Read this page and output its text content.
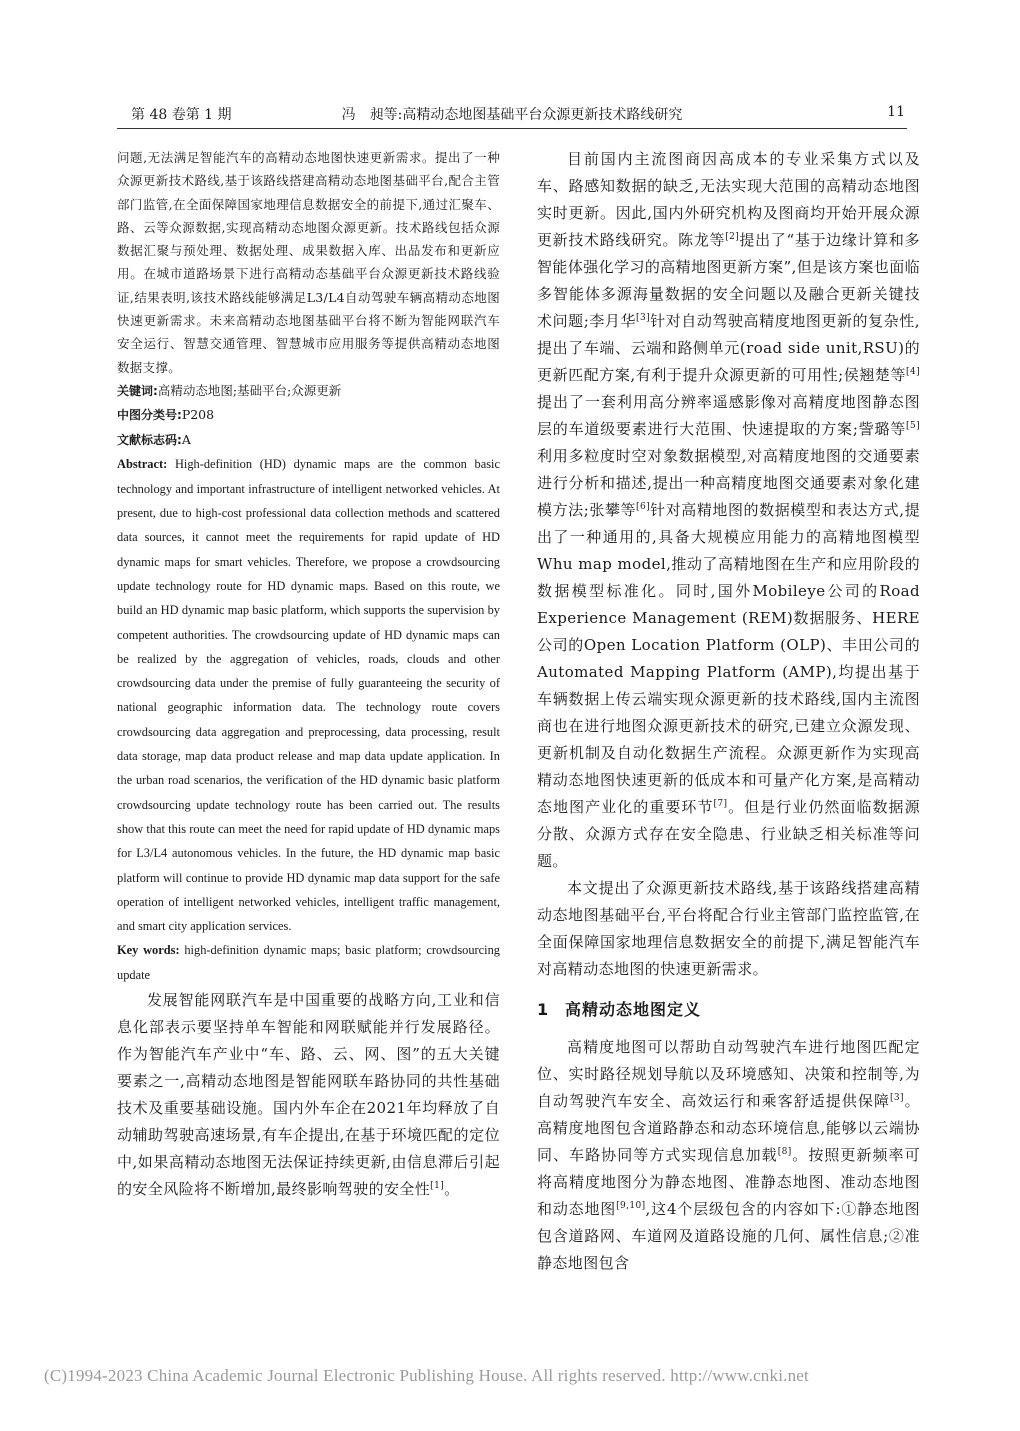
第 48 卷第 1 期	冯　昶等:高精动态地图基础平台众源更新技术路线研究	11

问题,无法满足智能汽车的高精动态地图快速更新需求。提出了一种众源更新技术路线,基于该路线搭建高精动态地图基础平台,配合主管部门监管,在全面保障国家地理信息数据安全的前提下,通过汇聚车、路、云等众源数据,实现高精动态地图众源更新。技术路线包括众源数据汇聚与预处理、数据处理、成果数据入库、出品发布和更新应用。在城市道路场景下进行高精动态基础平台众源更新技术路线验证,结果表明,该技术路线能够满足L3/L4自动驾驶车辆高精动态地图快速更新需求。未来高精动态地图基础平台将不断为智能网联汽车安全运行、智慧交通管理、智慧城市应用服务等提供高精动态地图数据支撑。

关键词:高精动态地图;基础平台;众源更新

中图分类号:P208

文献标志码:A

Abstract: High-definition (HD) dynamic maps are the common basic technology and important infrastructure of intelligent networked vehicles. At present, due to high-cost professional data collection methods and scattered data sources, it cannot meet the requirements for rapid update of HD dynamic maps for smart vehicles. Therefore, we propose a crowdsourcing update technology route for HD dynamic maps. Based on this route, we build an HD dynamic map basic platform, which supports the supervision by competent authorities. The crowdsourcing update of HD dynamic maps can be realized by the aggregation of vehicles, roads, clouds and other crowdsourcing data under the premise of fully guaranteeing the security of national geographic information data. The technology route covers crowdsourcing data aggregation and preprocessing, data processing, result data storage, map data product release and map data update application. In the urban road scenarios, the verification of the HD dynamic basic platform crowdsourcing update technology route has been carried out. The results show that this route can meet the need for rapid update of HD dynamic maps for L3/L4 autonomous vehicles. In the future, the HD dynamic map basic platform will continue to provide HD dynamic map data support for the safe operation of intelligent networked vehicles, intelligent traffic management, and smart city application services.

Key words: high-definition dynamic maps; basic platform; crowdsourcing update

发展智能网联汽车是中国重要的战略方向,工业和信息化部表示要坚持单车智能和网联赋能并行发展路径。作为智能汽车产业中“车、路、云、网、图”的五大关键要素之一,高精动态地图是智能网联车路协同的共性基础技术及重要基础设施。国内外车企在2021年均释放了自动辅助驾驶高速场景,有车企提出,在基于环境匹配的定位中,如果高精动态地图无法保证持续更新,由信息滞后引起的安全风险将不断增加,最终影响驾驶的安全性[1]。

目前国内主流图商因高成本的专业采集方式以及车、路感知数据的缺乏,无法实现大范围的高精动态地图实时更新。因此,国内外研究机构及图商均开始开展众源更新技术路线研究。陈龙等[2]提出了“基于边缘计算和多智能体强化学习的高精地图更新方案”,但是该方案也面临多智能体多源海量数据的安全问题以及融合更新关键技术问题;李月华[3]针对自动驾驶高精度地图更新的复杂性,提出了车端、云端和路侧单元(road side unit,RSU)的更新匹配方案,有利于提升众源更新的可用性;侯翘楚等[4]提出了一套利用高分辨率遥感影像对高精度地图静态图层的车道级要素进行大范围、快速提取的方案;訾璐等[5]利用多粒度时空对象数据模型,对高精度地图的交通要素进行分析和描述,提出一种高精度地图交通要素对象化建模方法;张攀等[6]针对高精地图的数据模型和表达方式,提出了一种通用的,具备大规模应用能力的高精地图模型Whu map model,推动了高精地图在生产和应用阶段的数据模型标准化。同时,国外Mobileye公司的Road Experience Management (REM)数据服务、HERE公司的Open Location Platform (OLP)、丰田公司的Automated Mapping Platform (AMP),均提出基于车辆数据上传云端实现众源更新的技术路线,国内主流图商也在进行地图众源更新技术的研究,已建立众源发现、更新机制及自动化数据生产流程。众源更新作为实现高精动态地图快速更新的低成本和可量产化方案,是高精动态地图产业化的重要环节[7]。但是行业仍然面临数据源分散、众源方式存在安全隐患、行业缺乏相关标准等问题。

本文提出了众源更新技术路线,基于该路线搭建高精动态地图基础平台,平台将配合行业主管部门监控监管,在全面保障国家地理信息数据安全的前提下,满足智能汽车对高精动态地图的快速更新需求。

1 高精动态地图定义

高精度地图可以帮助自动驾驶汽车进行地图匹配定位、实时路径规划导航以及环境感知、决策和控制等,为自动驾驶汽车安全、高效运行和乘客舒适提供保障[3]。高精度地图包含道路静态和动态环境信息,能够以云端协同、车路协同等方式实现信息加载[8]。按照更新频率可将高精度地图分为静态地图、准静态地图、准动态地图和动态地图[9,10],这4个层级包含的内容如下:①静态地图包含道路网、车道网及道路设施的几何、属性信息;②准静态地图包含

(C)1994-2023 China Academic Journal Electronic Publishing House. All rights reserved. http://www.cnki.net
